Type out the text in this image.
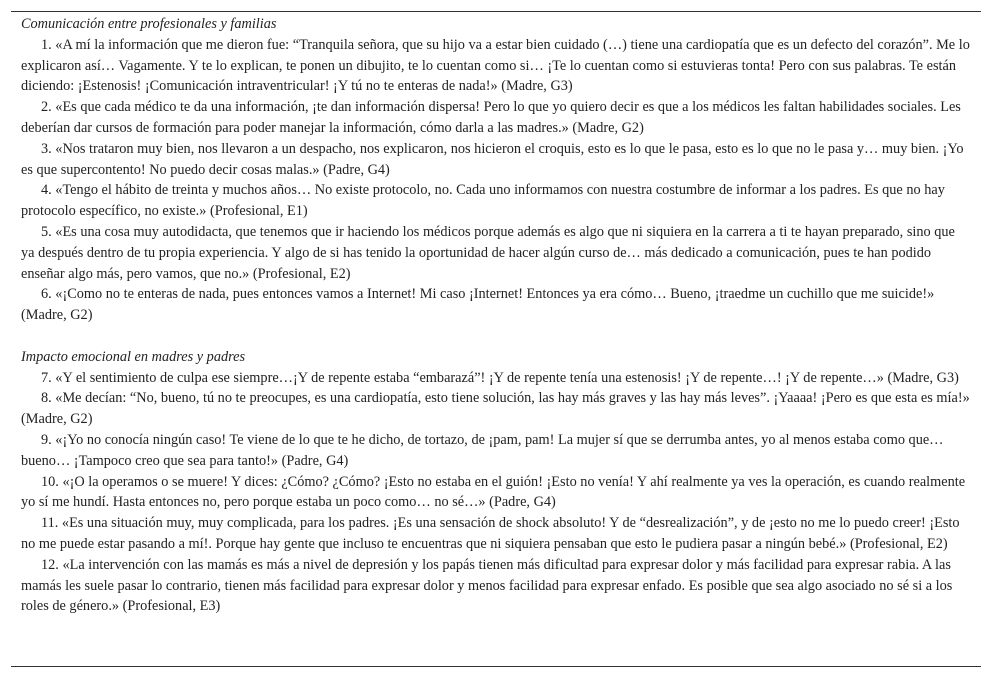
Comunicación entre profesionales y familias

1. «A mí la información que me dieron fue: “Tranquila señora, que su hijo va a estar bien cuidado (…) tiene una cardiopatía que es un defecto del corazón”. Me lo explicaron así… Vagamente. Y te lo explican, te ponen un dibujito, te lo cuentan como si… ¡Te lo cuentan como si estuvieras tonta! Pero con sus palabras. Te están diciendo: ¡Estenosis! ¡Comunicación intraventricular! ¡Y tú no te enteras de nada!» (Madre, G3)

2. «Es que cada médico te da una información, ¡te dan información dispersa! Pero lo que yo quiero decir es que a los médicos les faltan habilidades sociales. Les deberían dar cursos de formación para poder manejar la información, cómo darla a las madres.» (Madre, G2)

3. «Nos trataron muy bien, nos llevaron a un despacho, nos explicaron, nos hicieron el croquis, esto es lo que le pasa, esto es lo que no le pasa y… muy bien. ¡Yo es que supercontento! No puedo decir cosas malas.» (Padre, G4)

4. «Tengo el hábito de treinta y muchos años… No existe protocolo, no. Cada uno informamos con nuestra costumbre de informar a los padres. Es que no hay protocolo específico, no existe.» (Profesional, E1)

5. «Es una cosa muy autodidacta, que tenemos que ir haciendo los médicos porque además es algo que ni siquiera en la carrera a ti te hayan preparado, sino que ya después dentro de tu propia experiencia. Y algo de si has tenido la oportunidad de hacer algún curso de… más dedicado a comunicación, pues te han podido enseñar algo más, pero vamos, que no.» (Profesional, E2)

6. «¡Como no te enteras de nada, pues entonces vamos a Internet! Mi caso ¡Internet! Entonces ya era cómo… Bueno, ¡traedme un cuchillo que me suicide!» (Madre, G2)

Impacto emocional en madres y padres

7. «Y el sentimiento de culpa ese siempre…¡Y de repente estaba “embarazá”! ¡Y de repente tenía una estenosis! ¡Y de repente…! ¡Y de repente…» (Madre, G3)

8. «Me decían: “No, bueno, tú no te preocupes, es una cardiopatía, esto tiene solución, las hay más graves y las hay más leves”. ¡Yaaaa! ¡Pero es que esta es mía!» (Madre, G2)

9. «¡Yo no conocía ningún caso! Te viene de lo que te he dicho, de tortazo, de ¡pam, pam! La mujer sí que se derrumba antes, yo al menos estaba como que… bueno… ¡Tampoco creo que sea para tanto!» (Padre, G4)

10. «¡O la operamos o se muere! Y dices: ¿Cómo? ¿Cómo? ¡Esto no estaba en el guión! ¡Esto no venía! Y ahí realmente ya ves la operación, es cuando realmente yo sí me hundí. Hasta entonces no, pero porque estaba un poco como… no sé…» (Padre, G4)

11. «Es una situación muy, muy complicada, para los padres. ¡Es una sensación de shock absoluto! Y de “desrealización”, y de ¡esto no me lo puedo creer! ¡Esto no me puede estar pasando a mí!. Porque hay gente que incluso te encuentras que ni siquiera pensaban que esto le pudiera pasar a ningún bebé.» (Profesional, E2)

12. «La intervención con las mamás es más a nivel de depresión y los papás tienen más dificultad para expresar dolor y más facilidad para expresar rabia. A las mamás les suele pasar lo contrario, tienen más facilidad para expresar dolor y menos facilidad para expresar enfado. Es posible que sea algo asociado no sé si a los roles de género.» (Profesional, E3)
